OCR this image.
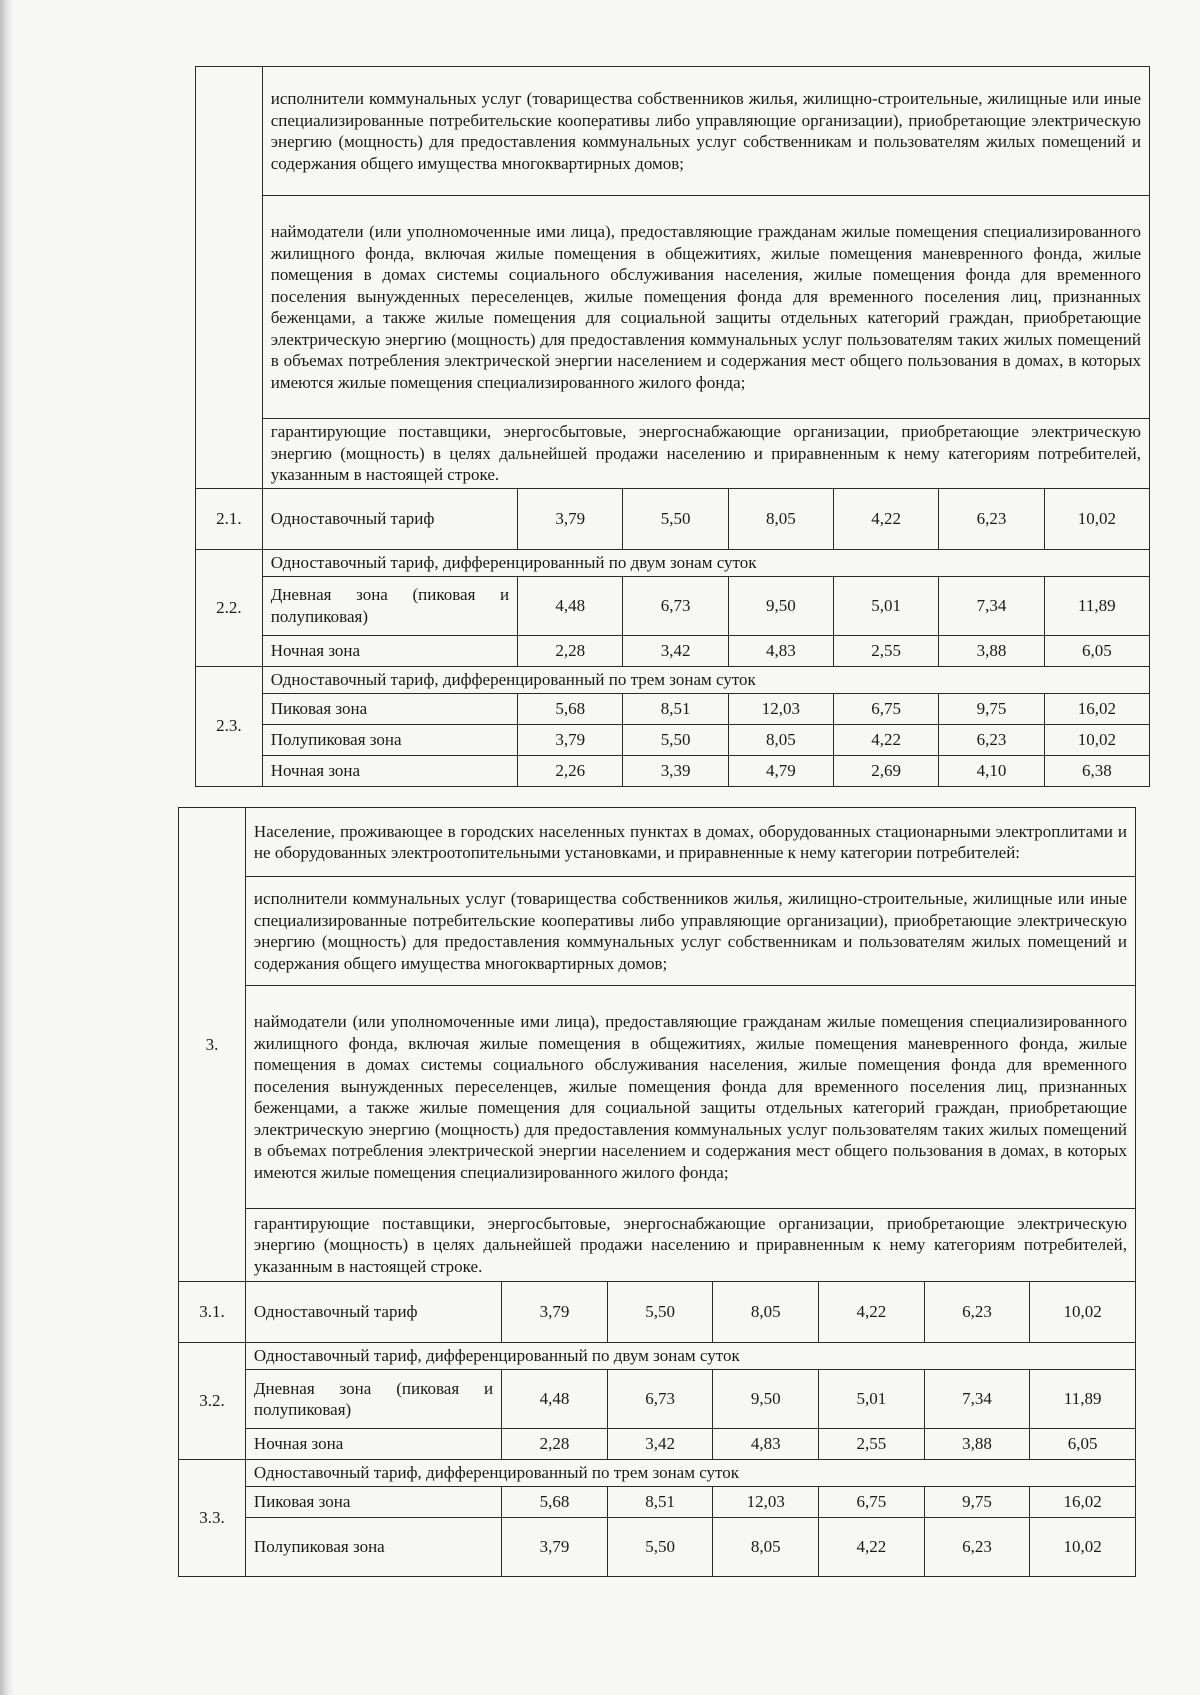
	исполнители коммунальных услуг (товарищества собственников жилья, жилищно-строительные, жилищные или иные специализированные потребительские кооперативы либо управляющие организации), приобретающие электрическую энергию (мощность) для предоставления коммунальных услуг собственникам и пользователям жилых помещений и содержания общего имущества многоквартирных домов;						
	наймодатели (или уполномоченные ими лица), предоставляющие гражданам жилые помещения специализированного жилищного фонда, включая жилые помещения в общежитиях, жилые помещения маневренного фонда, жилые помещения в домах системы социального обслуживания населения, жилые помещения фонда для временного поселения вынужденных переселенцев, жилые помещения фонда для временного поселения лиц, признанных беженцами, а также жилые помещения для социальной защиты отдельных категорий граждан, приобретающие электрическую энергию (мощность) для предоставления коммунальных услуг пользователям таких жилых помещений в объемах потребления электрической энергии населением и содержания мест общего пользования в домах, в которых имеются жилые помещения специализированного жилого фонда;						
	гарантирующие поставщики, энергосбытовые, энергоснабжающие организации, приобретающие электрическую энергию (мощность) в целях дальнейшей продажи населению и приравненным к нему категориям потребителей, указанным в настоящей строке.						
2.1.	Одноставочный тариф	3,79	5,50	8,05	4,22	6,23	10,02
2.2.	Одноставочный тариф, дифференцированный по двум зонам суток						
	Дневная зона (пиковая и полупиковая)	4,48	6,73	9,50	5,01	7,34	11,89
	Ночная зона	2,28	3,42	4,83	2,55	3,88	6,05
2.3.	Одноставочный тариф, дифференцированный по трем зонам суток						
	Пиковая зона	5,68	8,51	12,03	6,75	9,75	16,02
	Полупиковая зона	3,79	5,50	8,05	4,22	6,23	10,02
	Ночная зона	2,26	3,39	4,79	2,69	4,10	6,38
3.	Население, проживающее в городских населенных пунктах в домах, оборудованных стационарными электроплитами и не оборудованных электроотопительными установками, и приравненные к нему категории потребителей:						
	исполнители коммунальных услуг (товарищества собственников жилья, жилищно-строительные, жилищные или иные специализированные потребительские кооперативы либо управляющие организации), приобретающие электрическую энергию (мощность) для предоставления коммунальных услуг собственникам и пользователям жилых помещений и содержания общего имущества многоквартирных домов;						
	наймодатели (или уполномоченные ими лица), предоставляющие гражданам жилые помещения специализированного жилищного фонда, включая жилые помещения в общежитиях, жилые помещения маневренного фонда, жилые помещения в домах системы социального обслуживания населения, жилые помещения фонда для временного поселения вынужденных переселенцев, жилые помещения фонда для временного поселения лиц, признанных беженцами, а также жилые помещения для социальной защиты отдельных категорий граждан, приобретающие электрическую энергию (мощность) для предоставления коммунальных услуг пользователям таких жилых помещений в объемах потребления электрической энергии населением и содержания мест общего пользования в домах, в которых имеются жилые помещения специализированного жилого фонда;						
	гарантирующие поставщики, энергосбытовые, энергоснабжающие организации, приобретающие электрическую энергию (мощность) в целях дальнейшей продажи населению и приравненным к нему категориям потребителей, указанным в настоящей строке.						
3.1.	Одноставочный тариф	3,79	5,50	8,05	4,22	6,23	10,02
3.2.	Одноставочный тариф, дифференцированный по двум зонам суток						
	Дневная зона (пиковая и полупиковая)	4,48	6,73	9,50	5,01	7,34	11,89
	Ночная зона	2,28	3,42	4,83	2,55	3,88	6,05
3.3.	Одноставочный тариф, дифференцированный по трем зонам суток						
	Пиковая зона	5,68	8,51	12,03	6,75	9,75	16,02
	Полупиковая зона	3,79	5,50	8,05	4,22	6,23	10,02
